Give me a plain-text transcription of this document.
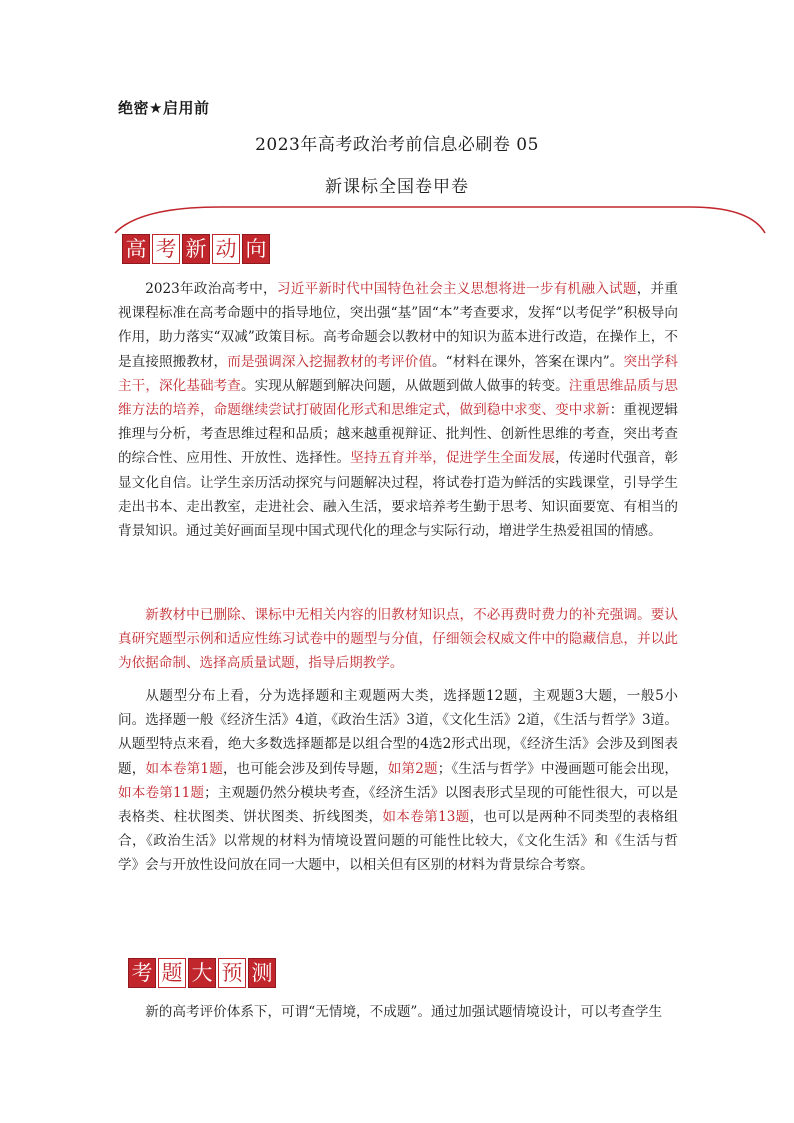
绝密★启用前
2023年高考政治考前信息必刷卷 05
新课标全国卷甲卷
高 考 新 动 向

2023年政治高考中，习近平新时代中国特色社会主义思想将进一步有机融入试题，并重视课程标准在高考命题中的指导地位，突出强“基”固“本”考查要求，发挥“以考促学”积极导向作用，助力落实“双减”政策目标。高考命题会以教材中的知识为蓝本进行改造，在操作上，不是直接照搬教材，而是强调深入挖掘教材的考评价值。“材料在课外，答案在课内”。突出学科主干，深化基础考查。实现从解题到解决问题，从做题到做人做事的转变。注重思维品质与思维方法的培养，命题继续尝试打破固化形式和思维定式，做到稳中求变、变中求新：重视逻辑推理与分析，考查思维过程和品质；越来越重视辩证、批判性、创新性思维的考查，突出考查的综合性、应用性、开放性、选择性。坚持五育并举，促进学生全面发展，传递时代强音，彰显文化自信。让学生亲历活动探究与问题解决过程，将试卷打造为鲜活的实践课堂，引导学生走出书本、走出教室，走进社会、融入生活，要求培养考生勤于思考、知识面要宽、有相当的背景知识。通过美好画面呈现中国式现代化的理念与实际行动，增进学生热爱祖国的情感。

新教材中已删除、课标中无相关内容的旧教材知识点，不必再费时费力的补充强调。要认真研究题型示例和适应性练习试卷中的题型与分值，仔细领会权威文件中的隐藏信息，并以此为依据命制、选择高质量试题，指导后期教学。

从题型分布上看，分为选择题和主观题两大类，选择题12题，主观题3大题，一般5小问。选择题一般《经济生活》4道，《政治生活》3道，《文化生活》2道，《生活与哲学》3道。从题型特点来看，绝大多数选择题都是以组合型的4选2形式出现，《经济生活》会涉及到图表题，如本卷第1题，也可能会涉及到传导题，如第2题；《生活与哲学》中漫画题可能会出现，如本卷第11题；主观题仍然分模块考查，《经济生活》以图表形式呈现的可能性很大，可以是表格类、柱状图类、饼状图类、折线图类，如本卷第13题，也可以是两种不同类型的表格组合，《政治生活》以常规的材料为情境设置问题的可能性比较大，《文化生活》和《生活与哲学》会与开放性设问放在同一大题中，以相关但有区别的材料为背景综合考察。

考 题 大 预 测

新的高考评价体系下，可谓“无情境，不成题”。通过加强试题情境设计，可以考查学生
